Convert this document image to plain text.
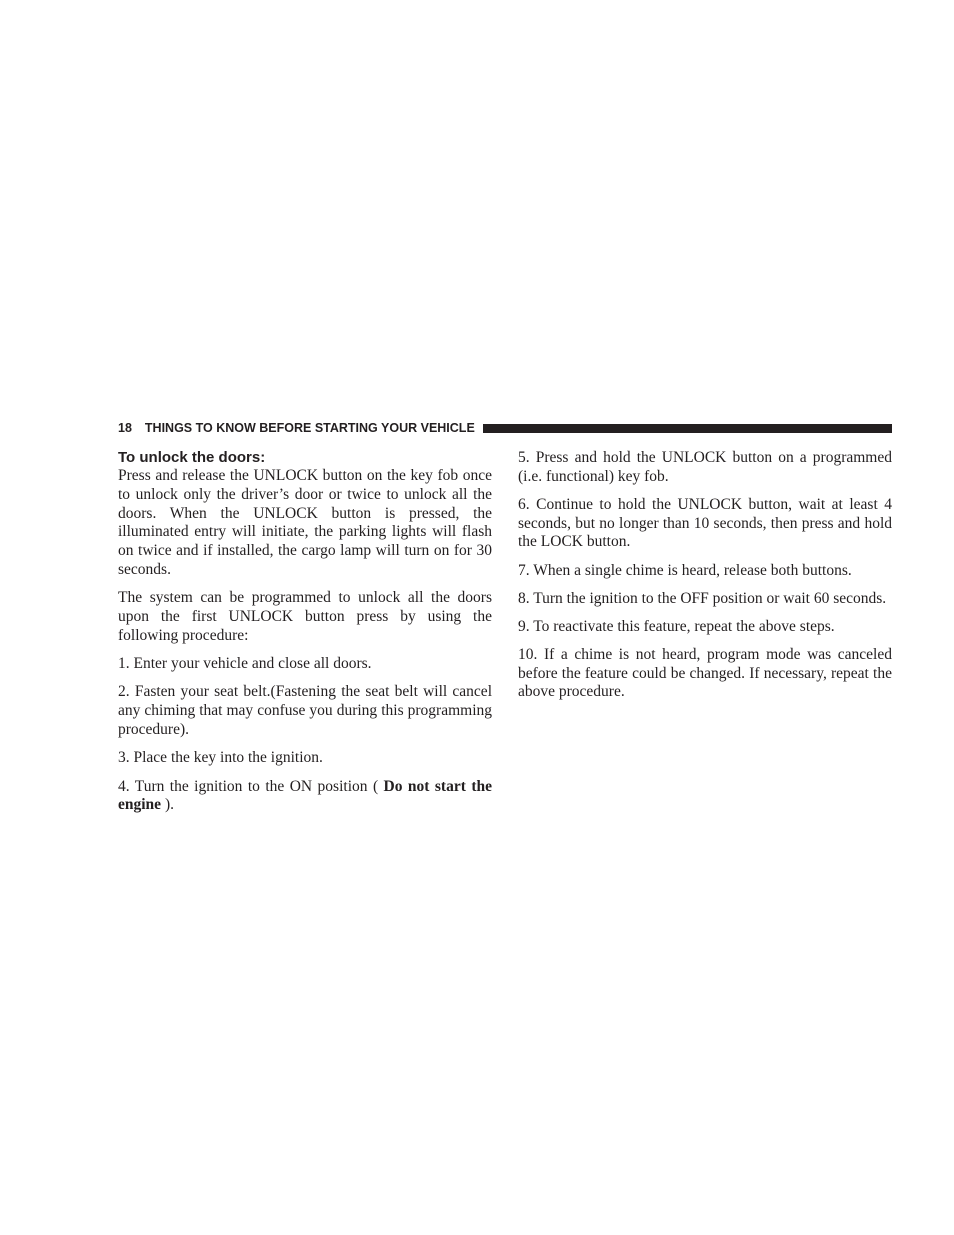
18 THINGS TO KNOW BEFORE STARTING YOUR VEHICLE
To unlock the doors:

Press and release the UNLOCK button on the key fob once to unlock only the driver’s door or twice to unlock all the doors. When the UNLOCK button is pressed, the illuminated entry will initiate, the parking lights will flash on twice and if installed, the cargo lamp will turn on for 30 seconds.

The system can be programmed to unlock all the doors upon the first UNLOCK button press by using the following procedure:

1. Enter your vehicle and close all doors.

2. Fasten your seat belt.(Fastening the seat belt will cancel any chiming that may confuse you during this programming procedure).

3. Place the key into the ignition.

4. Turn the ignition to the ON position ( Do not start the engine ).

5. Press and hold the UNLOCK button on a programmed (i.e. functional) key fob.

6. Continue to hold the UNLOCK button, wait at least 4 seconds, but no longer than 10 seconds, then press and hold the LOCK button.

7. When a single chime is heard, release both buttons.

8. Turn the ignition to the OFF position or wait 60 seconds.

9. To reactivate this feature, repeat the above steps.

10. If a chime is not heard, program mode was canceled before the feature could be changed. If necessary, repeat the above procedure.
